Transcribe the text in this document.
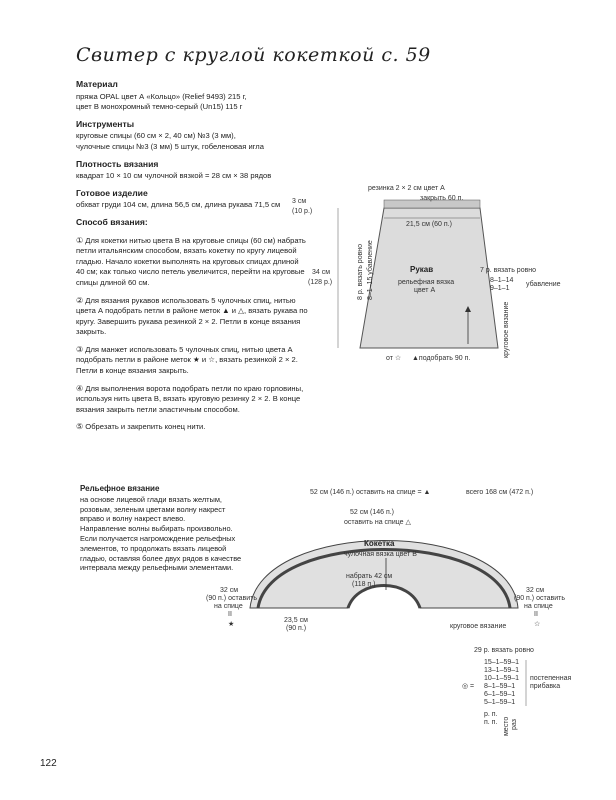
Свитер с круглой кокеткой с. 59
Материал
пряжа OPAL цвет А «Кольцо» (Relief 9493) 215 г,
цвет В монохромный темно-серый (Un15) 115 г
Инструменты
круговые спицы (60 см × 2, 40 см) №3 (3 мм),
чулочные спицы №3 (3 мм) 5 штук, гобеленовая игла
Плотность вязания
квадрат 10 × 10 см чулочной вязкой = 28 см × 38 рядов
Готовое изделие
обхват груди 104 см, длина 56,5 см, длина рукава 71,5 см
Способ вязания:

① Для кокетки нитью цвета В на круговые спицы (60 см) набрать петли итальянским способом, вязать кокетку по кругу лицевой гладью. Начало кокетки выполнять на круговых спицах длиной 40 см; как только число петель увеличится, перейти на круговые спицы длиной 60 см.

② Для вязания рукавов использовать 5 чулочных спиц, нитью цвета А подобрать петли в районе меток ▲ и △, вязать рукава по кругу. Завершить рукава резинкой 2 × 2. Петли в конце вязания закрыть.

③ Для манжет использовать 5 чулочных спиц, нитью цвета А подобрать петли в районе меток ★ и ☆, вязать резинкой 2 × 2. Петли в конце вязания закрыть.

④ Для выполнения ворота подобрать петли по краю горловины, используя нить цвета В, вязать круговую резинку 2 × 2. В конце вязания закрыть петли эластичным способом.

⑤ Обрезать и закрепить конец нити.

резинка 2 × 2 см цвет А
закрыть 60 п.
3 см
(10 р.)
21,5 см (60 п.)
34 см
(128 р.)	8 р. вязать ровно 8–1–15 убавление	Рукав
рельефная вязка
цвет А
7 р. вязать ровно
8–1–14
9–1–1
убавление
круговое вязание
от ☆ ▲подобрать 90 п.
52 см (146 п.) оставить на спице = ▲	всего 168 см (472 п.)
52 см (146 п.)
оставить на спице △
Кокетка
чулочная вязка цвет В
набрать 42 см
(118 п.)
32 см
(90 п.) оставить
на спице
II
★
32 см
(90 п.) оставить
на спице
II
☆
23,5 см
(90 п.)	круговое вязание
Рельефное вязание
на основе лицевой глади вязать желтым,
розовым, зеленым цветами волну накрест
вправо и волну накрест влево.
Направление волны выбирать произвольно.
Если получается нагромождение рельефных
элементов, то продолжать вязать лицевой
гладью, оставляя более двух рядов в качестве
интервала между рельефными элементами.
29 р. вязать ровно
15–1–59–1
13–1–59–1
10–1–59–1
8–1–59–1
6–1–59–1
5–1–59–1
◎ =
постепенная
прибавка
р. п.
п. п. место раз
122
